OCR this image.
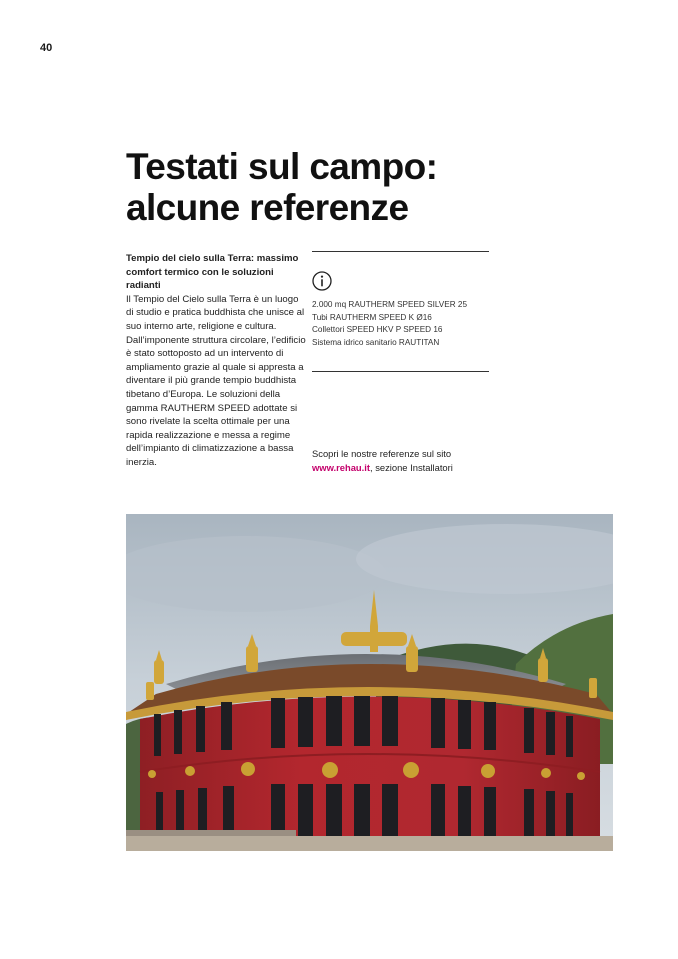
40
Testati sul campo:
alcune referenze

Tempio del cielo sulla Terra: massimo comfort termico con le soluzioni radianti

Il Tempio del Cielo sulla Terra è un luogo di studio e pratica buddhista che unisce al suo interno arte, religione e cultura. Dall’imponente struttura circolare, l’edificio è stato sottoposto ad un intervento di ampliamento grazie al quale si appresta a diventare il più grande tempio buddhista tibetano d’Europa. Le soluzioni della gamma RAUTHERM SPEED adottate si sono rivelate la scelta ottimale per una rapida realizzazione e messa a regime dell’impianto di climatizzazione a bassa inerzia.

2.000 mq RAUTHERM SPEED SILVER 25
Tubi RAUTHERM SPEED K Ø16
Collettori SPEED HKV P SPEED 16
Sistema idrico sanitario RAUTITAN
Scopri le nostre referenze sul sito
www.rehau.it, sezione Installatori
